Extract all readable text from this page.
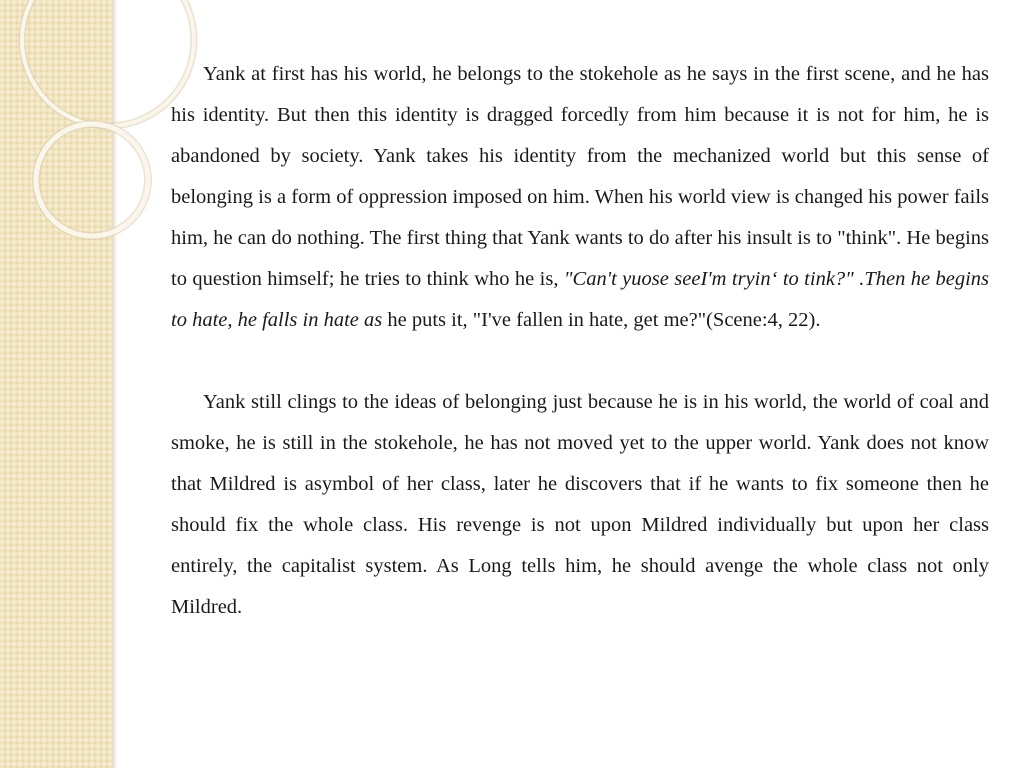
Yank at first has his world, he belongs to the stokehole as he says in the first scene, and he has his identity. But then this identity is dragged forcedly from him because it is not for him, he is abandoned by society. Yank takes his identity from the mechanized world but this sense of belonging is a form of oppression imposed on him. When his world view is changed his power fails him, he can do nothing. The first thing that Yank wants to do after his insult is to "think". He begins to question himself; he tries to think who he is, "Can't yuose seeI'm tryin‘ to tink?" .Then he begins to hate, he falls in hate as he puts it, "I've fallen in hate, get me?"(Scene:4, 22).

Yank still clings to the ideas of belonging just because he is in his world, the world of coal and smoke, he is still in the stokehole, he has not moved yet to the upper world. Yank does not know that Mildred is asymbol of her class, later he discovers that if he wants to fix someone then he should fix the whole class. His revenge is not upon Mildred individually but upon her class entirely, the capitalist system. As Long tells him, he should avenge the whole class not only Mildred.
